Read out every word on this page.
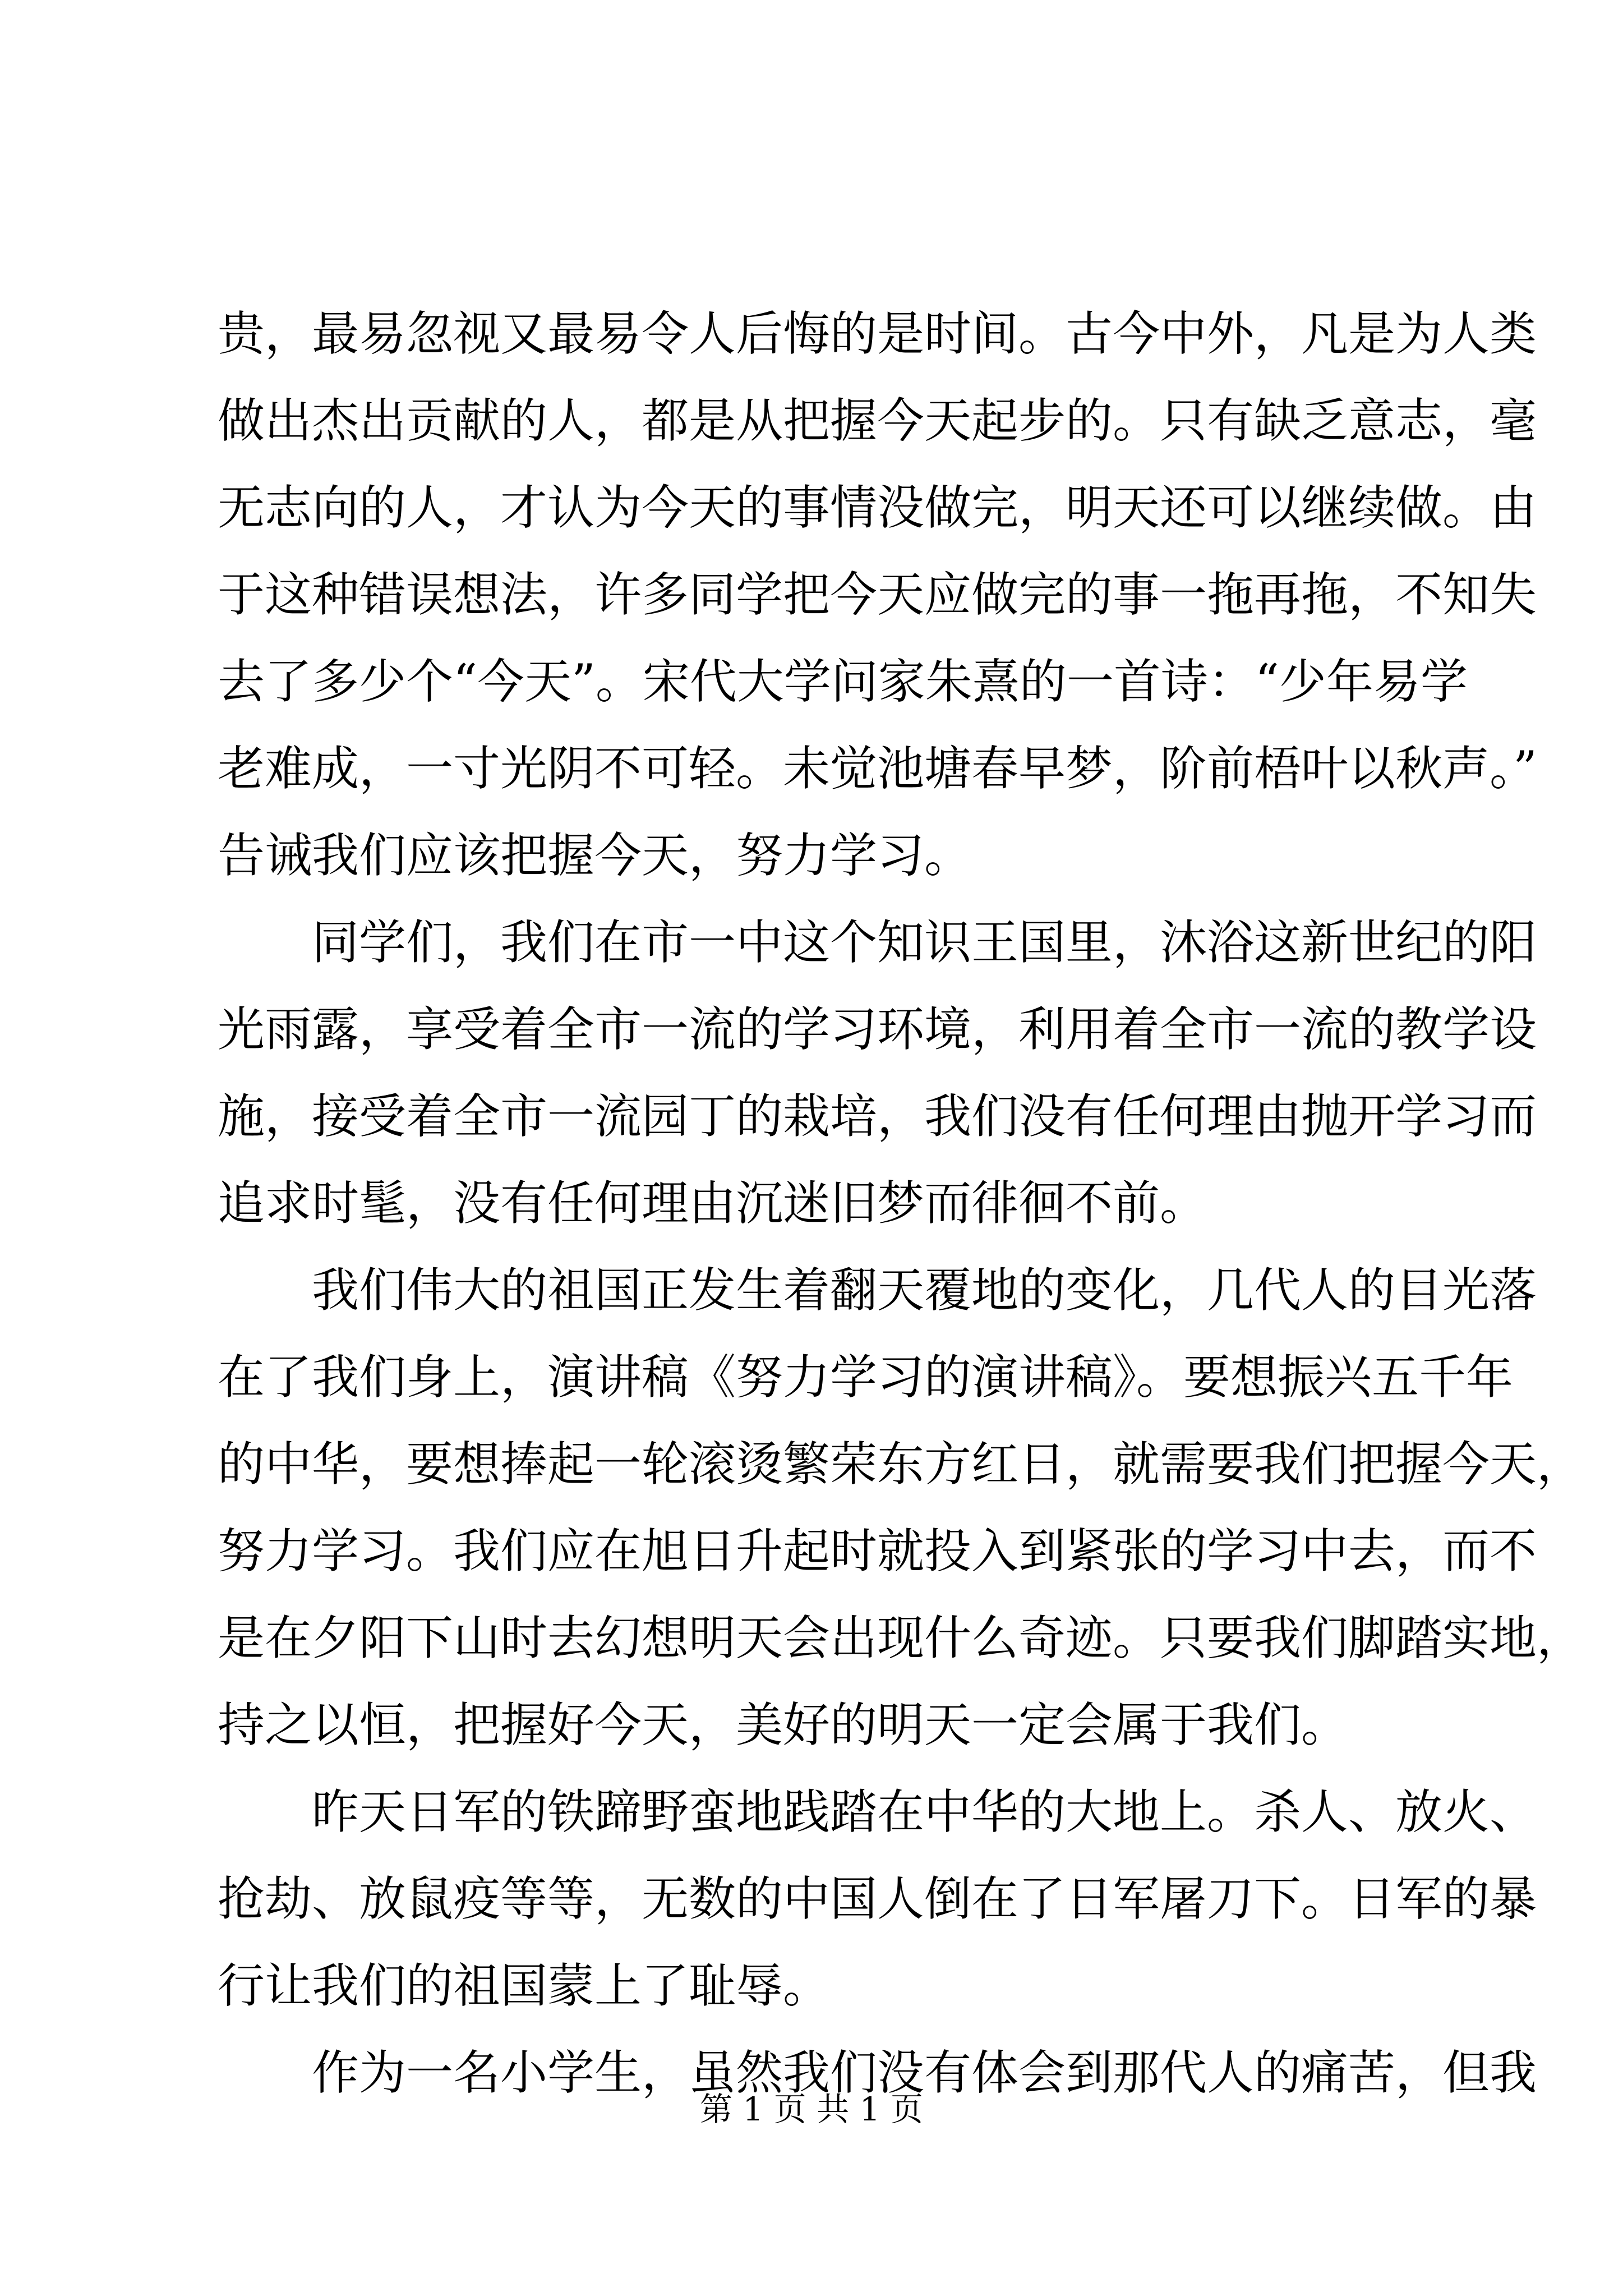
贵，最易忽视又最易令人后悔的是时间。古今中外，凡是为人类
做出杰出贡献的人，都是从把握今天起步的。只有缺乏意志，毫
无志向的人，才认为今天的事情没做完，明天还可以继续做。由
于这种错误想法，许多同学把今天应做完的事一拖再拖，不知失
去了多少个“今天”。宋代大学问家朱熹的一首诗：“少年易学
老难成，一寸光阴不可轻。未觉池塘春早梦，阶前梧叶以秋声。”
告诫我们应该把握今天，努力学习。
同学们，我们在市一中这个知识王国里，沐浴这新世纪的阳
光雨露，享受着全市一流的学习环境，利用着全市一流的教学设
施，接受着全市一流园丁的栽培，我们没有任何理由抛开学习而
追求时髦，没有任何理由沉迷旧梦而徘徊不前。
我们伟大的祖国正发生着翻天覆地的变化，几代人的目光落
在了我们身上，演讲稿《努力学习的演讲稿》。要想振兴五千年
的中华，要想捧起一轮滚烫繁荣东方红日，就需要我们把握今天，
努力学习。我们应在旭日升起时就投入到紧张的学习中去，而不
是在夕阳下山时去幻想明天会出现什么奇迹。只要我们脚踏实地，
持之以恒，把握好今天，美好的明天一定会属于我们。
昨天日军的铁蹄野蛮地践踏在中华的大地上。杀人、放火、
抢劫、放鼠疫等等，无数的中国人倒在了日军屠刀下。日军的暴
行让我们的祖国蒙上了耻辱。
作为一名小学生，虽然我们没有体会到那代人的痛苦，但我
第 1 页 共 1 页
